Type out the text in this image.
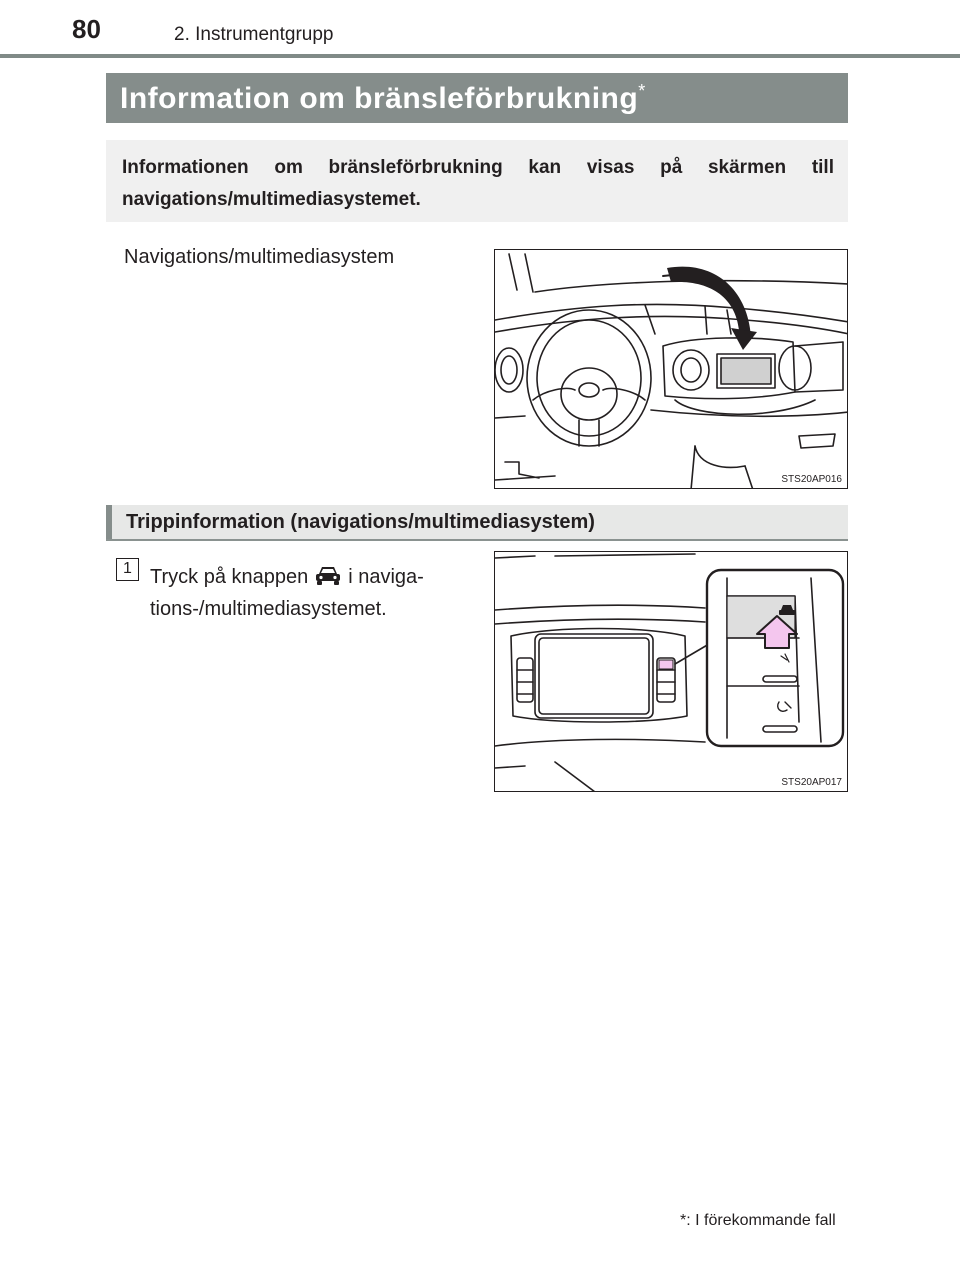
80	2. Instrumentgrupp
Information om bränsleförbrukning*
Informationen om bränsleförbrukning kan visas på skärmen till navigations/multimediasystemet.
Navigations/multimediasystem
STS20AP016
Trippinformation (navigations/multimediasystem)
1 Tryck på knappen i naviga-
tions-/multimediasystemet.
STS20AP017
*: I förekommande fall
